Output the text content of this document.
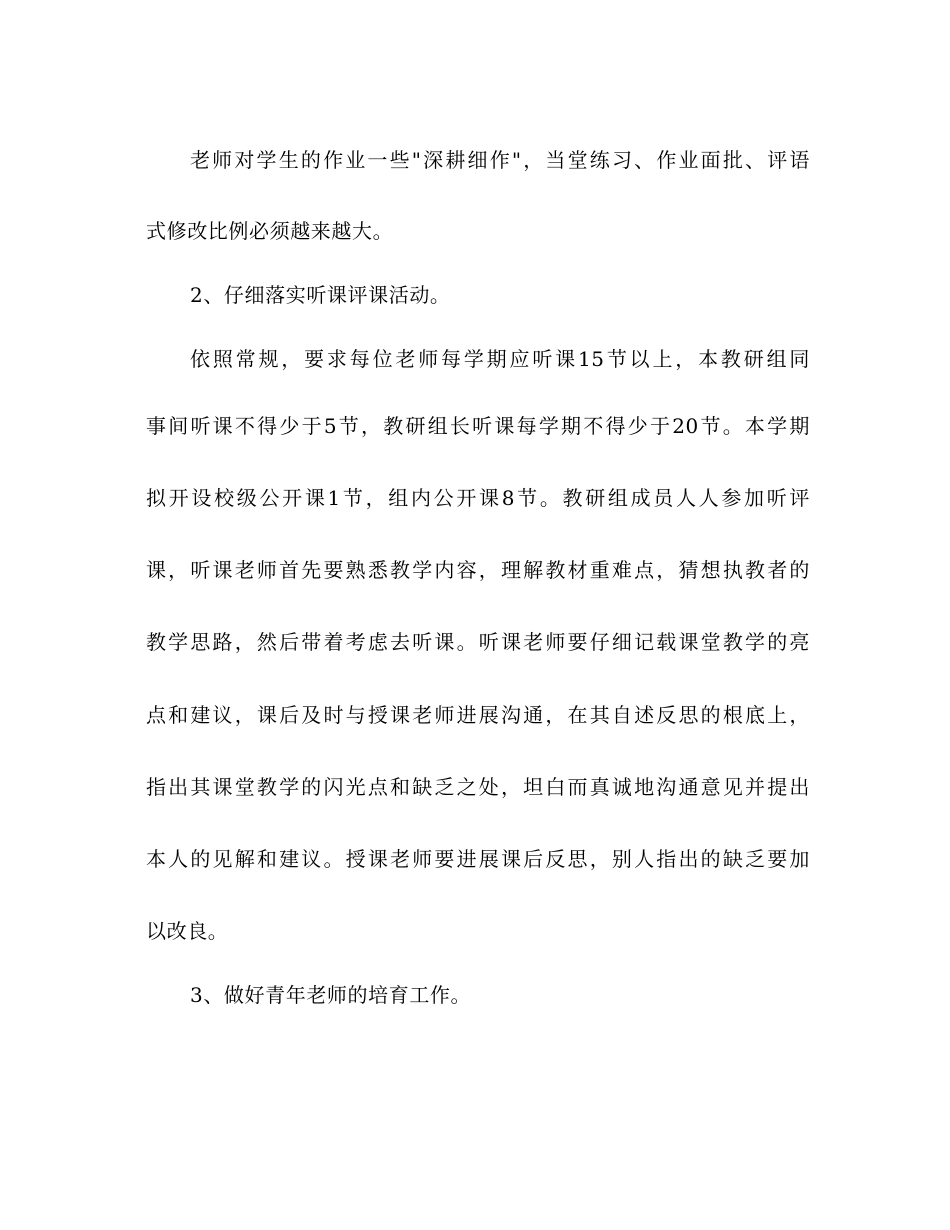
老师对学生的作业一些"深耕细作"，当堂练习、作业面批、评语
式修改比例必须越来越大。
2、仔细落实听课评课活动。
依照常规，要求每位老师每学期应听课15节以上，本教研组同
事间听课不得少于5节，教研组长听课每学期不得少于20节。本学期
拟开设校级公开课1节，组内公开课8节。教研组成员人人参加听评
课，听课老师首先要熟悉教学内容，理解教材重难点，猜想执教者的
教学思路，然后带着考虑去听课。听课老师要仔细记载课堂教学的亮
点和建议，课后及时与授课老师进展沟通，在其自述反思的根底上，
指出其课堂教学的闪光点和缺乏之处，坦白而真诚地沟通意见并提出
本人的见解和建议。授课老师要进展课后反思，别人指出的缺乏要加
以改良。
3、做好青年老师的培育工作。
